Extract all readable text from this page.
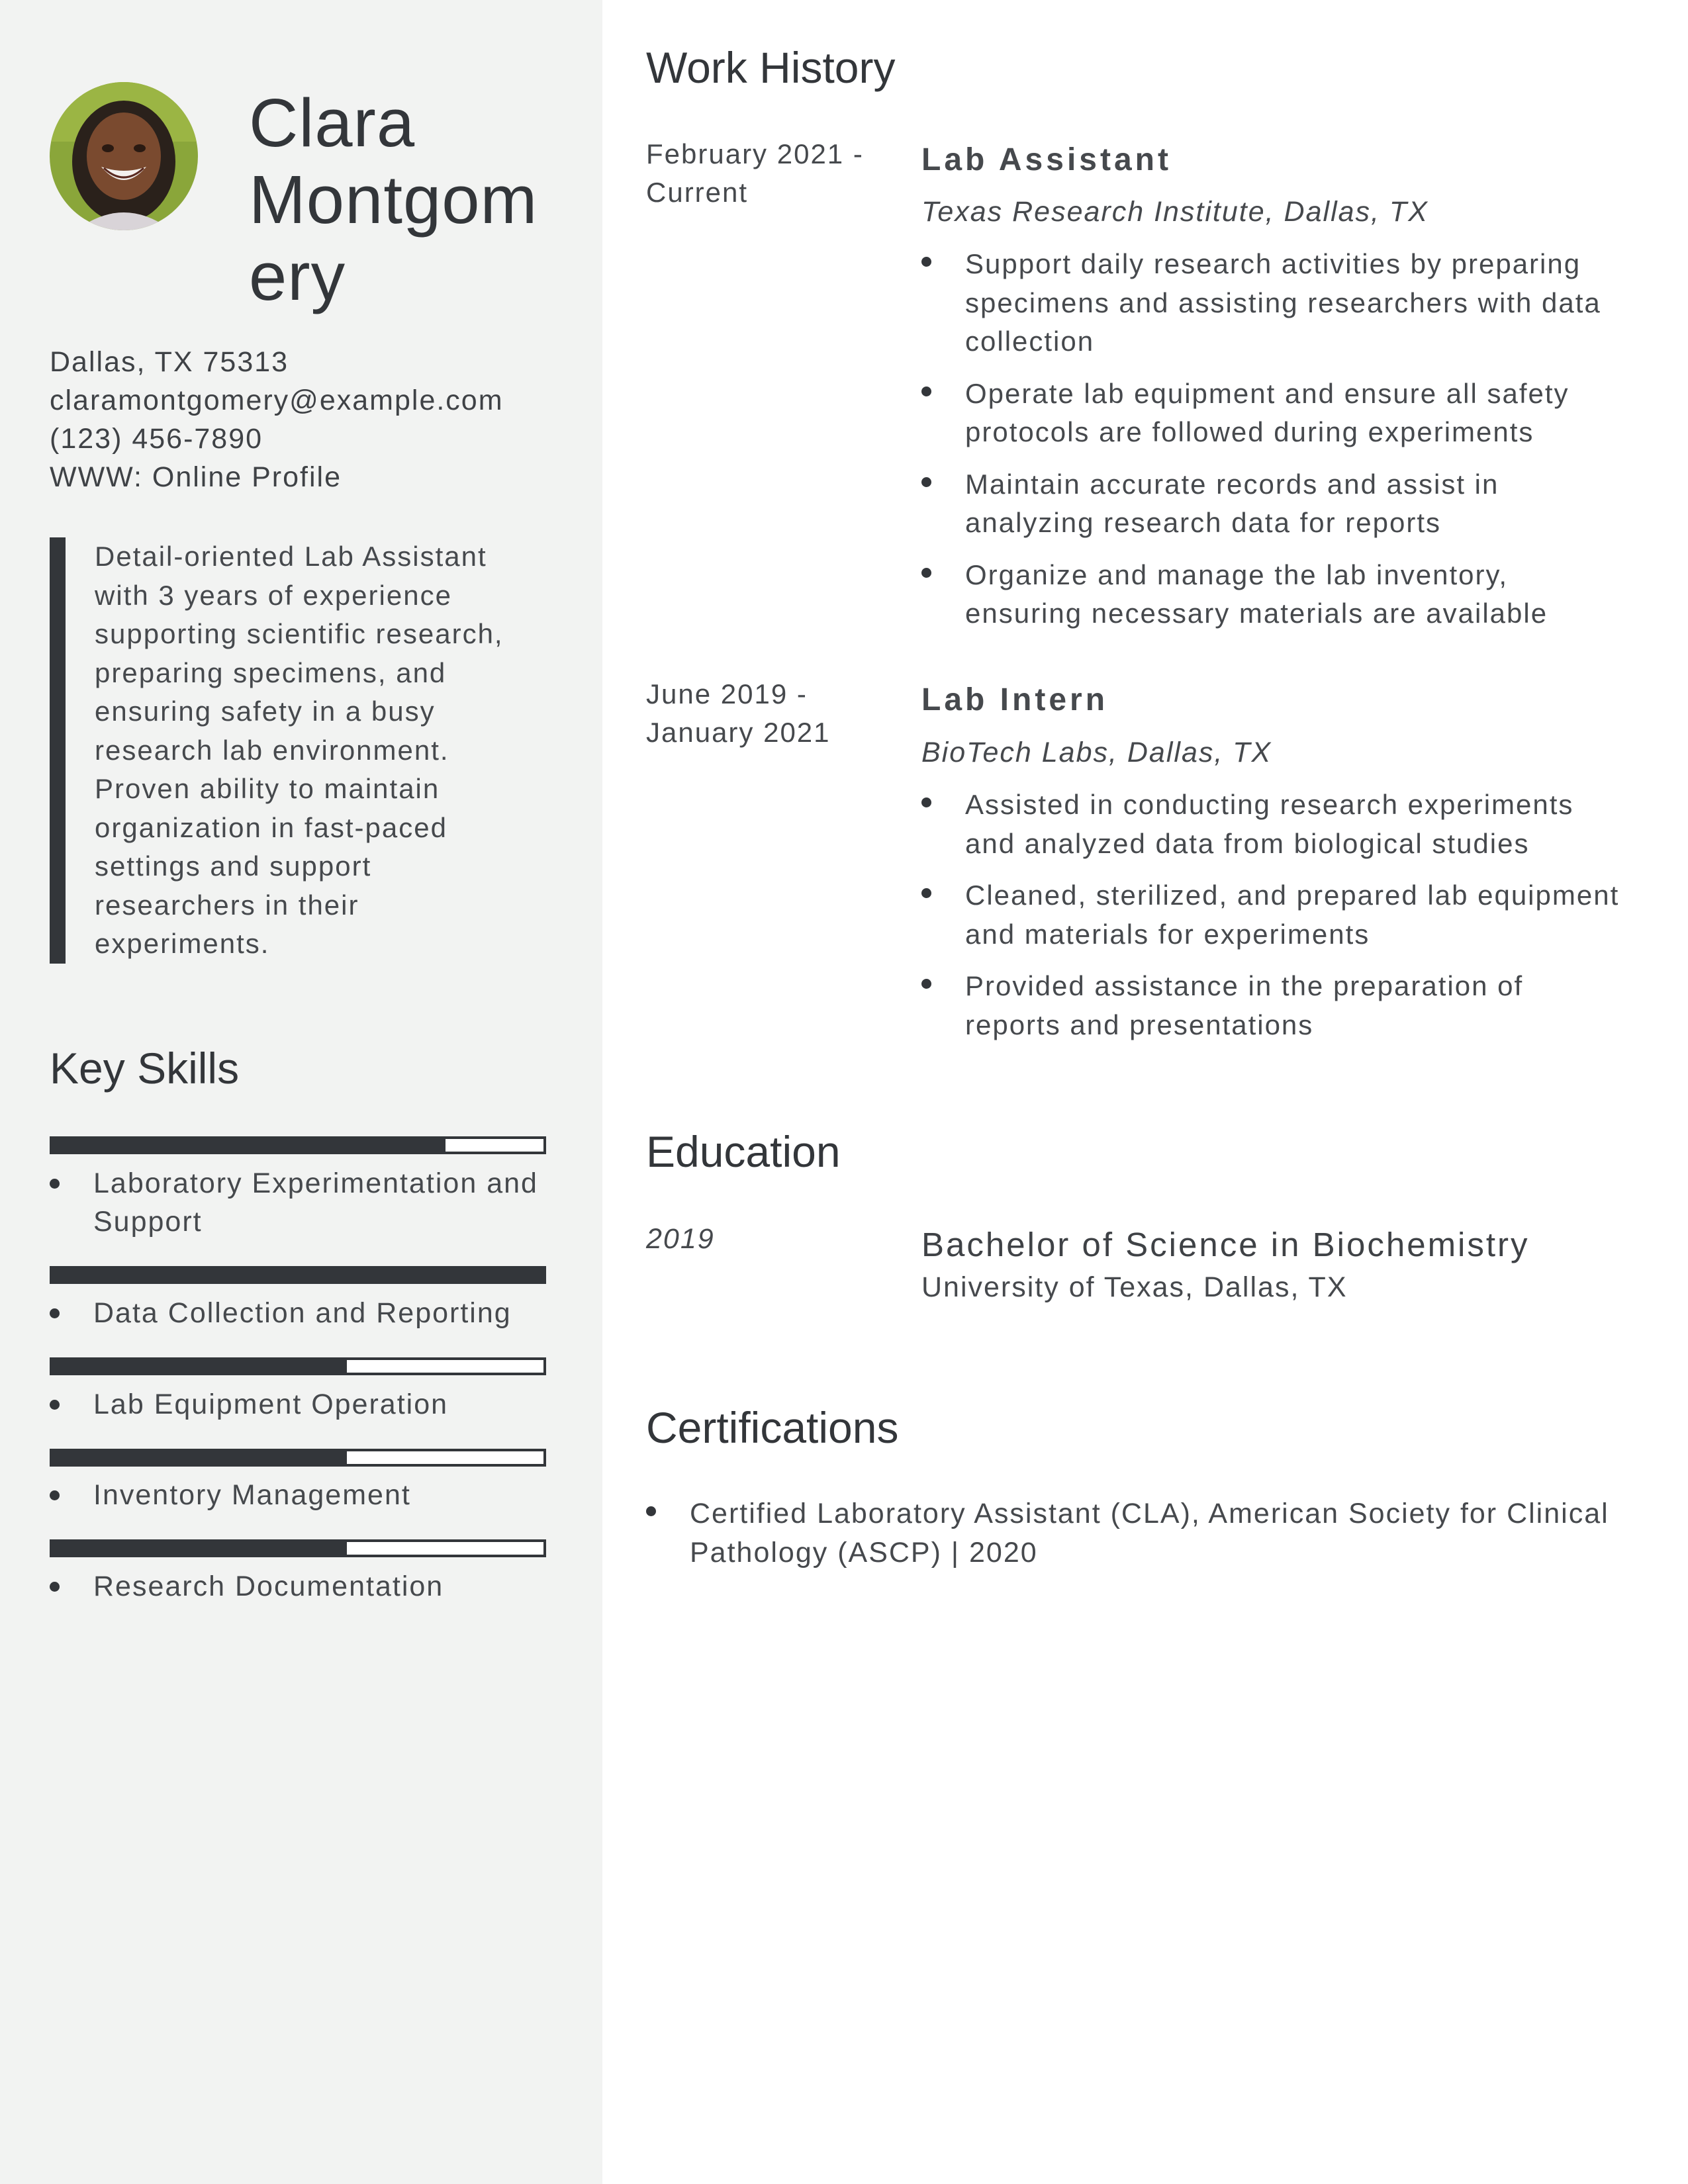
Clara
Montgom
ery
Dallas, TX 75313
claramontgomery@example.com
(123) 456-7890
WWW: Online Profile
Detail-oriented Lab Assistant
with 3 years of experience
supporting scientific research,
preparing specimens, and
ensuring safety in a busy
research lab environment.
Proven ability to maintain
organization in fast-paced
settings and support
researchers in their
experiments.
Key Skills
Laboratory Experimentation and
Support
Data Collection and Reporting
Lab Equipment Operation
Inventory Management
Research Documentation
Work History
February 2021 -
Current
Lab Assistant
Texas Research Institute, Dallas, TX
Support daily research activities by preparing
specimens and assisting researchers with data
collection
Operate lab equipment and ensure all safety
protocols are followed during experiments
Maintain accurate records and assist in
analyzing research data for reports
Organize and manage the lab inventory,
ensuring necessary materials are available
June 2019 -
January 2021
Lab Intern
BioTech Labs, Dallas, TX
Assisted in conducting research experiments
and analyzed data from biological studies
Cleaned, sterilized, and prepared lab equipment
and materials for experiments
Provided assistance in the preparation of
reports and presentations
Education
2019	Bachelor of Science in Biochemistry
University of Texas, Dallas, TX
Certifications
Certified Laboratory Assistant (CLA), American Society for Clinical
Pathology (ASCP) | 2020
